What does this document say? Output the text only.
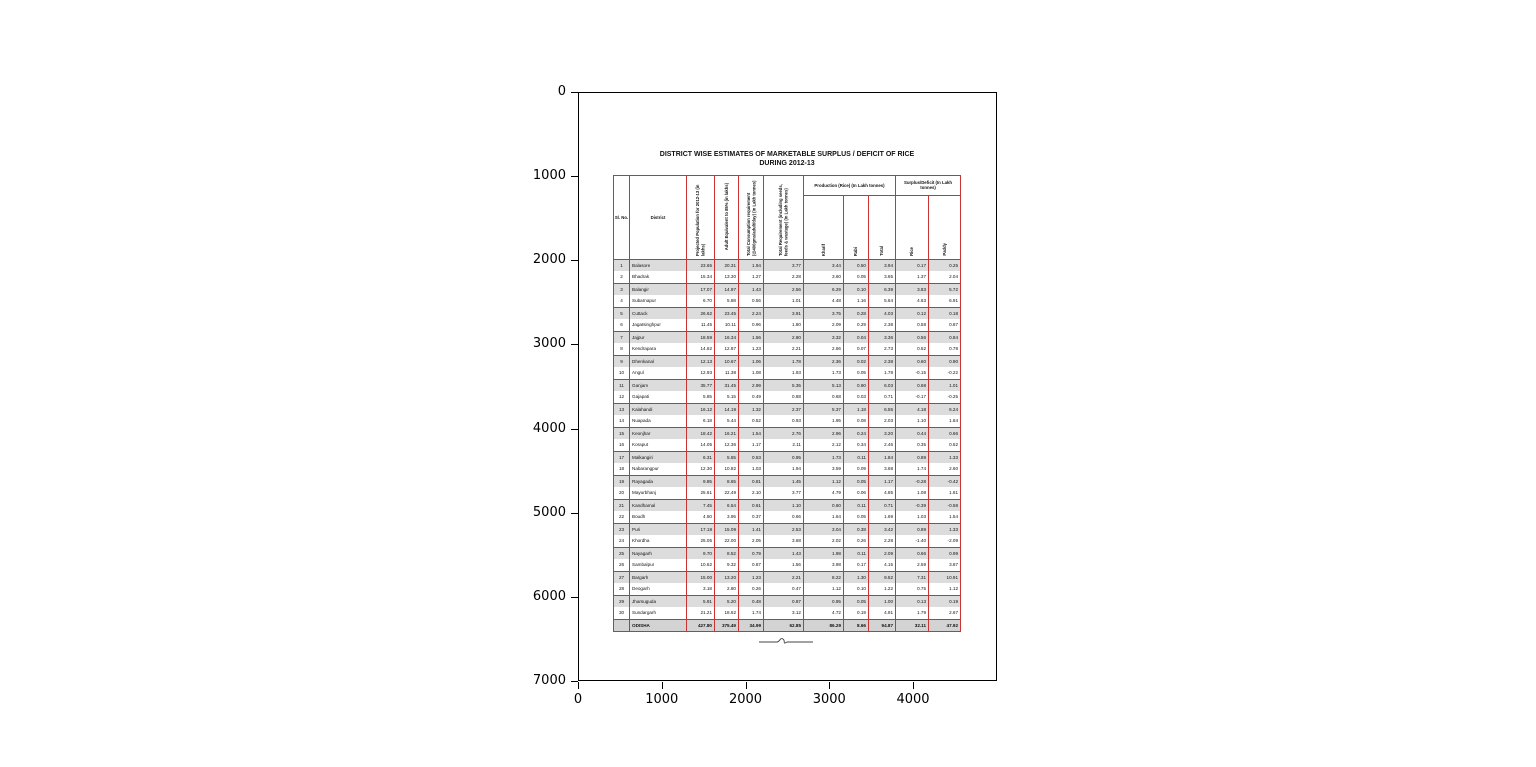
0
1000
2000
3000
4000
5000
6000
7000
0	1000	2000	3000	4000
DISTRICT WISE ESTIMATES OF MARKETABLE SURPLUS / DEFICIT OF RICE
DURING 2012-13
Sl. No.	District	Projected Population for 2012-13 (in lakhs)	Adult Equivalent to 85% (in lakhs)	Total Consumption requirement (@400gms/adult/day) (In Lakh tonnes)	Total Requirement (including seeds, feeds & wastage) (In Lakh tonnes)	Production (Rice) (In Lakh tonnes)			Surplus/Deficit (In Lakh tonnes)	
						Kharif	Rabi	Total	Rice	Paddy
1	Balasore	23.65	20.31	1.94	3.77	3.44	0.50	3.94	0.17	0.25
2	Bhadrak	15.34	13.30	1.27	2.28	3.60	0.05	3.65	1.37	2.04
3	Balangir	17.07	14.97	1.43	2.56	6.29	0.10	6.39	3.83	5.72
4	Subarnapur	6.70	5.88	0.56	1.01	4.48	1.16	5.64	4.63	6.91
5	Cuttack	26.62	23.45	2.24	3.91	3.75	0.28	4.03	0.12	0.18
6	Jagatsinghpur	11.45	10.11	0.96	1.80	2.09	0.29	2.38	0.58	0.87
7	Jajpur	18.59	16.34	1.56	2.80	3.32	0.04	3.36	0.56	0.84
8	Kendrapara	14.62	12.87	1.23	2.21	2.66	0.07	2.73	0.52	0.78
9	Dhenkanal	12.13	10.67	1.06	1.78	2.36	0.02	2.38	0.60	0.90
10	Angul	12.93	11.38	1.08	1.93	1.73	0.05	1.78	-0.15	-0.22
11	Ganjam	35.77	31.45	2.99	5.35	5.13	0.90	6.03	0.68	1.01
12	Gajapati	5.85	5.15	0.49	0.88	0.68	0.03	0.71	-0.17	-0.25
13	Kalahandi	16.12	14.19	1.32	2.37	5.37	1.18	6.55	4.18	6.24
14	Nuapada	6.18	5.44	0.52	0.93	1.95	0.08	2.03	1.10	1.64
15	Keonjhar	18.42	16.21	1.54	2.76	2.96	0.24	3.20	0.44	0.66
16	Koraput	14.05	12.36	1.17	2.11	2.12	0.34	2.46	0.35	0.52
17	Malkangiri	6.31	5.55	0.53	0.95	1.73	0.11	1.84	0.89	1.33
18	Nabarangpur	12.30	10.82	1.03	1.94	3.59	0.09	3.68	1.74	2.60
19	Rayagada	9.85	8.65	0.81	1.45	1.12	0.05	1.17	-0.28	-0.42
20	Mayurbhanj	25.61	22.49	2.10	3.77	4.79	0.06	4.85	1.08	1.61
21	Kandhamal	7.45	6.54	0.61	1.10	0.60	0.11	0.71	-0.39	-0.58
22	Boudh	4.50	3.95	0.37	0.66	1.64	0.05	1.69	1.03	1.54
23	Puri	17.18	15.09	1.41	2.53	3.04	0.38	3.42	0.89	1.33
24	Khordha	25.05	22.00	2.05	3.68	2.02	0.26	2.28	-1.40	-2.09
25	Nayagarh	9.70	8.52	0.79	1.43	1.98	0.11	2.09	0.66	0.99
26	Sambalpur	10.62	9.32	0.87	1.56	3.98	0.17	4.15	2.59	3.87
27	Bargarh	15.00	13.20	1.23	2.21	8.22	1.30	9.52	7.31	10.91
28	Deogarh	3.18	2.80	0.26	0.47	1.12	0.10	1.22	0.75	1.12
29	Jharsuguda	5.91	5.20	0.48	0.87	0.95	0.05	1.00	0.13	0.19
30	Sundargarh	21.21	18.62	1.74	3.12	4.72	0.19	4.91	1.79	2.67
	ODISHA	427.80	375.49	34.99	62.85	86.29	8.66	94.87	32.11	47.92
